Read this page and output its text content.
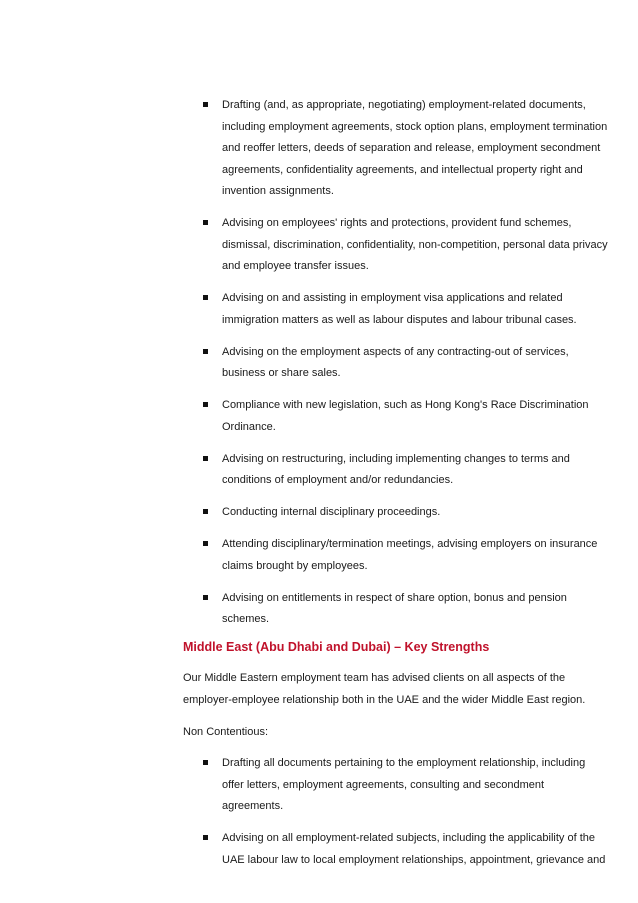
Drafting (and, as appropriate, negotiating) employment-related documents, including employment agreements, stock option plans, employment termination and reoffer letters, deeds of separation and release, employment secondment agreements, confidentiality agreements, and intellectual property right and invention assignments.
Advising on employees' rights and protections, provident fund schemes, dismissal, discrimination, confidentiality, non-competition, personal data privacy and employee transfer issues.
Advising on and assisting in employment visa applications and related immigration matters as well as labour disputes and labour tribunal cases.
Advising on the employment aspects of any contracting-out of services, business or share sales.
Compliance with new legislation, such as Hong Kong's Race Discrimination Ordinance.
Advising on restructuring, including implementing changes to terms and conditions of employment and/or redundancies.
Conducting internal disciplinary proceedings.
Attending disciplinary/termination meetings, advising employers on insurance claims brought by employees.
Advising on entitlements in respect of share option, bonus and pension schemes.
Middle East (Abu Dhabi and Dubai) – Key Strengths

Our Middle Eastern employment team has advised clients on all aspects of the employer-employee relationship both in the UAE and the wider Middle East region.

Non Contentious:

Drafting all documents pertaining to the employment relationship, including offer letters, employment agreements, consulting and secondment agreements.
Advising on all employment-related subjects, including the applicability of the UAE labour law to local employment relationships, appointment, grievance and
